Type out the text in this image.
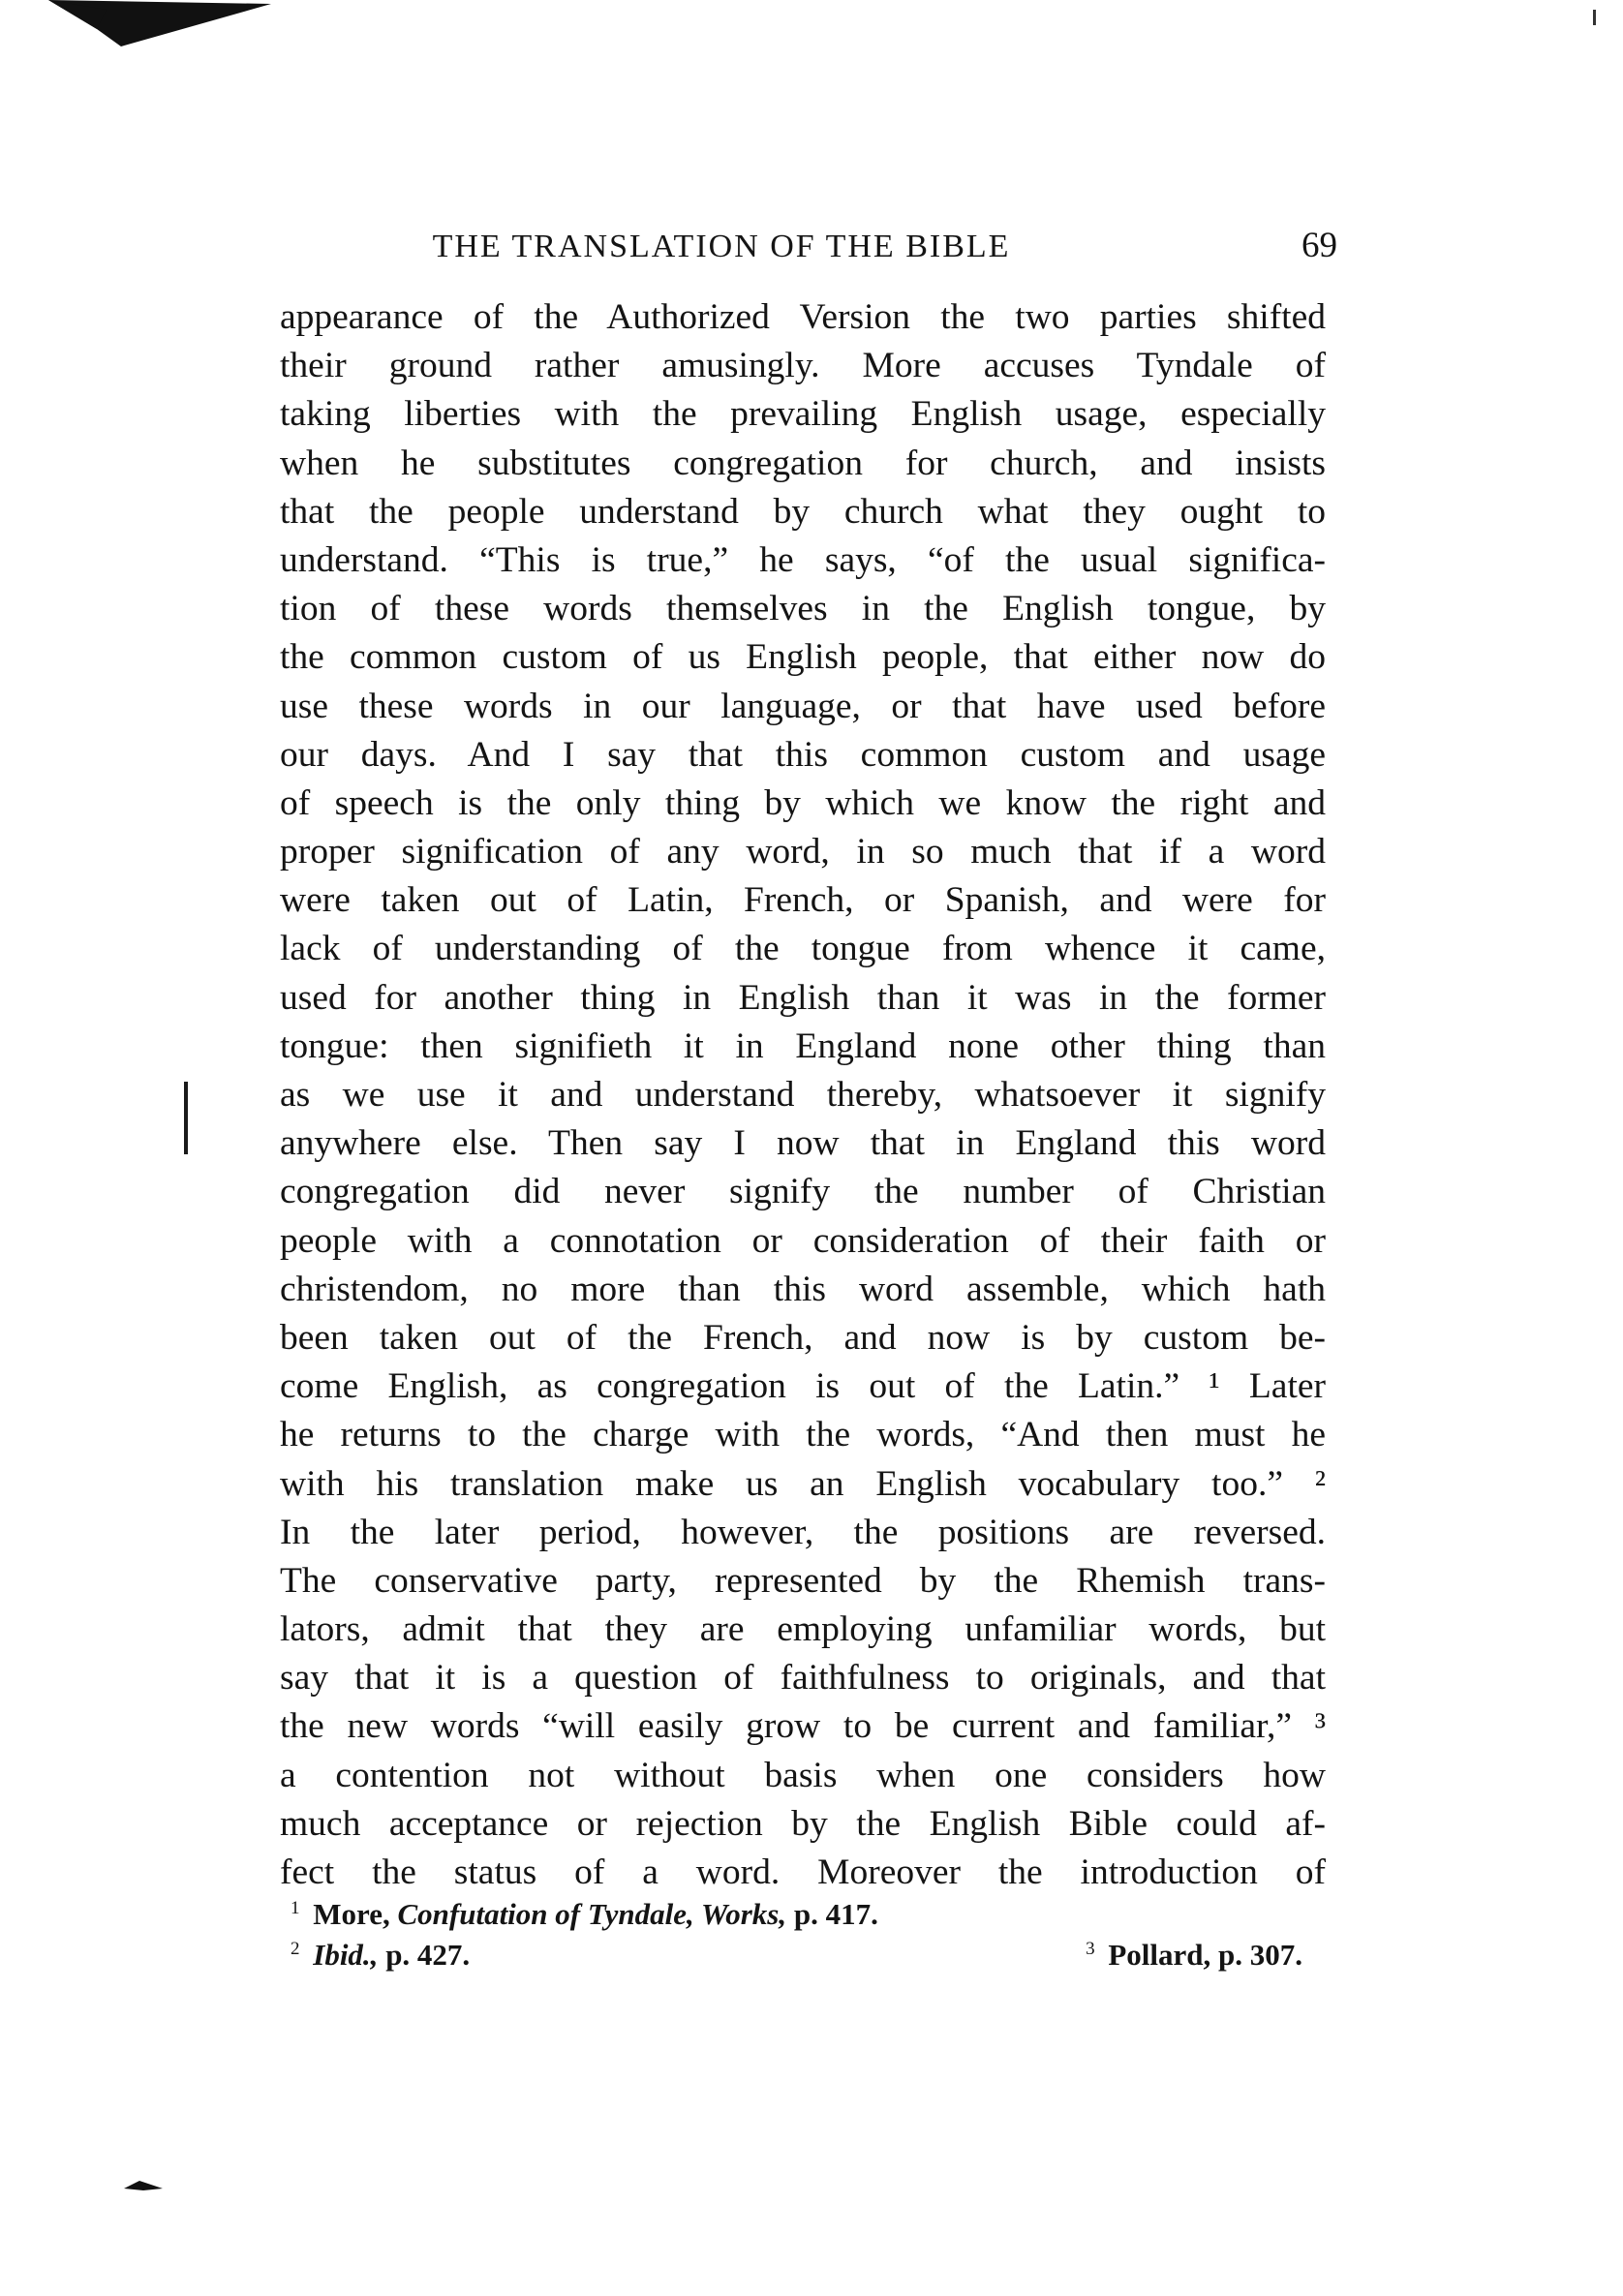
THE TRANSLATION OF THE BIBLE	69
appearance of the Authorized Version the two parties shifted
their ground rather amusingly. More accuses Tyndale of
taking liberties with the prevailing English usage, especially
when he substitutes congregation for church, and insists
that the people understand by church what they ought to
understand. “This is true,” he says, “of the usual significa-
tion of these words themselves in the English tongue, by
the common custom of us English people, that either now do
use these words in our language, or that have used before
our days. And I say that this common custom and usage
of speech is the only thing by which we know the right and
proper signification of any word, in so much that if a word
were taken out of Latin, French, or Spanish, and were for
lack of understanding of the tongue from whence it came,
used for another thing in English than it was in the former
tongue: then signifieth it in England none other thing than
as we use it and understand thereby, whatsoever it signify
anywhere else. Then say I now that in England this word
congregation did never signify the number of Christian
people with a connotation or consideration of their faith or
christendom, no more than this word assemble, which hath
been taken out of the French, and now is by custom be-
come English, as congregation is out of the Latin.” ¹ Later
he returns to the charge with the words, “And then must he
with his translation make us an English vocabulary too.” ²
In the later period, however, the positions are reversed.
The conservative party, represented by the Rhemish trans-
lators, admit that they are employing unfamiliar words, but
say that it is a question of faithfulness to originals, and that
the new words “will easily grow to be current and familiar,” ³
a contention not without basis when one considers how
much acceptance or rejection by the English Bible could af-
fect the status of a word. Moreover the introduction of
$^1$ More, Confutation of Tyndale, Works, p. 417.
$^2$ Ibid., p. 427.	$^3$ Pollard, p. 307.
